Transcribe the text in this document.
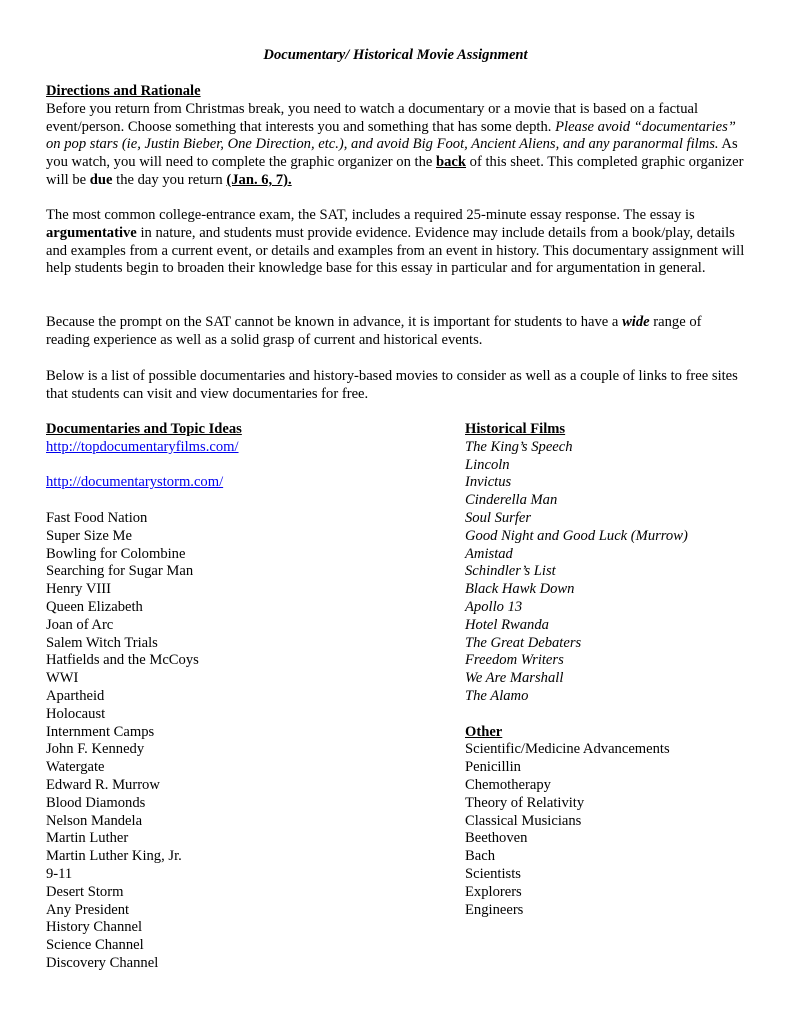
Documentary/ Historical Movie Assignment
Directions and Rationale

Before you return from Christmas break, you need to watch a documentary or a movie that is based on a factual event/person. Choose something that interests you and something that has some depth. Please avoid “documentaries” on pop stars (ie, Justin Bieber, One Direction, etc.), and avoid Big Foot, Ancient Aliens, and any paranormal films. As you watch, you will need to complete the graphic organizer on the back of this sheet. This completed graphic organizer will be due the day you return (Jan. 6, 7).

The most common college-entrance exam, the SAT, includes a required 25-minute essay response. The essay is argumentative in nature, and students must provide evidence. Evidence may include details from a book/play, details and examples from a current event, or details and examples from an event in history. This documentary assignment will help students begin to broaden their knowledge base for this essay in particular and for argumentation in general.

Because the prompt on the SAT cannot be known in advance, it is important for students to have a wide range of reading experience as well as a solid grasp of current and historical events.

Below is a list of possible documentaries and history-based movies to consider as well as a couple of links to free sites that students can visit and view documentaries for free.

Documentaries and Topic Ideas
http://topdocumentaryfilms.com/
http://documentarystorm.com/
Fast Food Nation
Super Size Me
Bowling for Colombine
Searching for Sugar Man
Henry VIII
Queen Elizabeth
Joan of Arc
Salem Witch Trials
Hatfields and the McCoys
WWI
Apartheid
Holocaust
Internment Camps
John F. Kennedy
Watergate
Edward R. Murrow
Blood Diamonds
Nelson Mandela
Martin Luther
Martin Luther King, Jr.
9-11
Desert Storm
Any President
History Channel
Science Channel
Discovery Channel
Historical Films
The King’s Speech
Lincoln
Invictus
Cinderella Man
Soul Surfer
Good Night and Good Luck (Murrow)
Amistad
Schindler’s List
Black Hawk Down
Apollo 13
Hotel Rwanda
The Great Debaters
Freedom Writers
We Are Marshall
The Alamo
Other
Scientific/Medicine Advancements
Penicillin
Chemotherapy
Theory of Relativity
Classical Musicians
Beethoven
Bach
Scientists
Explorers
Engineers
